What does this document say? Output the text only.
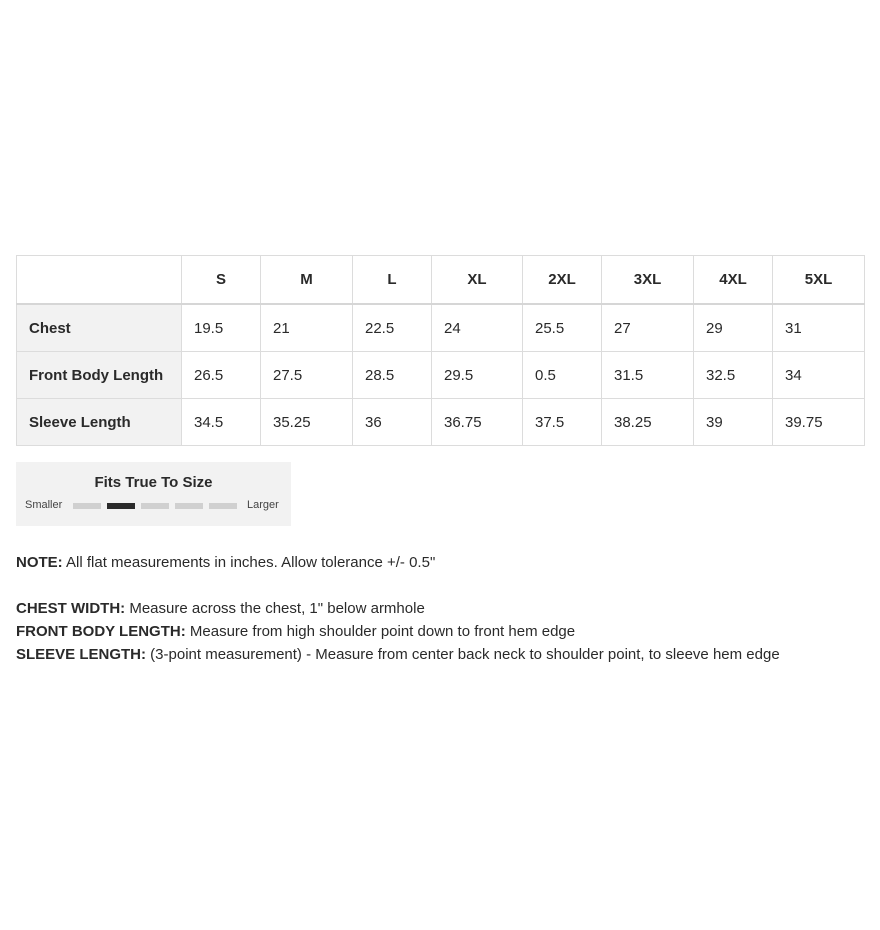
	S	M	L	XL	2XL	3XL	4XL	5XL
Chest	19.5	21	22.5	24	25.5	27	29	31
Front Body Length	26.5	27.5	28.5	29.5	0.5	31.5	32.5	34
Sleeve Length	34.5	35.25	36	36.75	37.5	38.25	39	39.75
Fits True To Size
Smaller	Larger

NOTE: All flat measurements in inches. Allow tolerance +/- 0.5"

CHEST WIDTH: Measure across the chest, 1" below armhole

FRONT BODY LENGTH: Measure from high shoulder point down to front hem edge

SLEEVE LENGTH: (3-point measurement) - Measure from center back neck to shoulder point, to sleeve hem edge
